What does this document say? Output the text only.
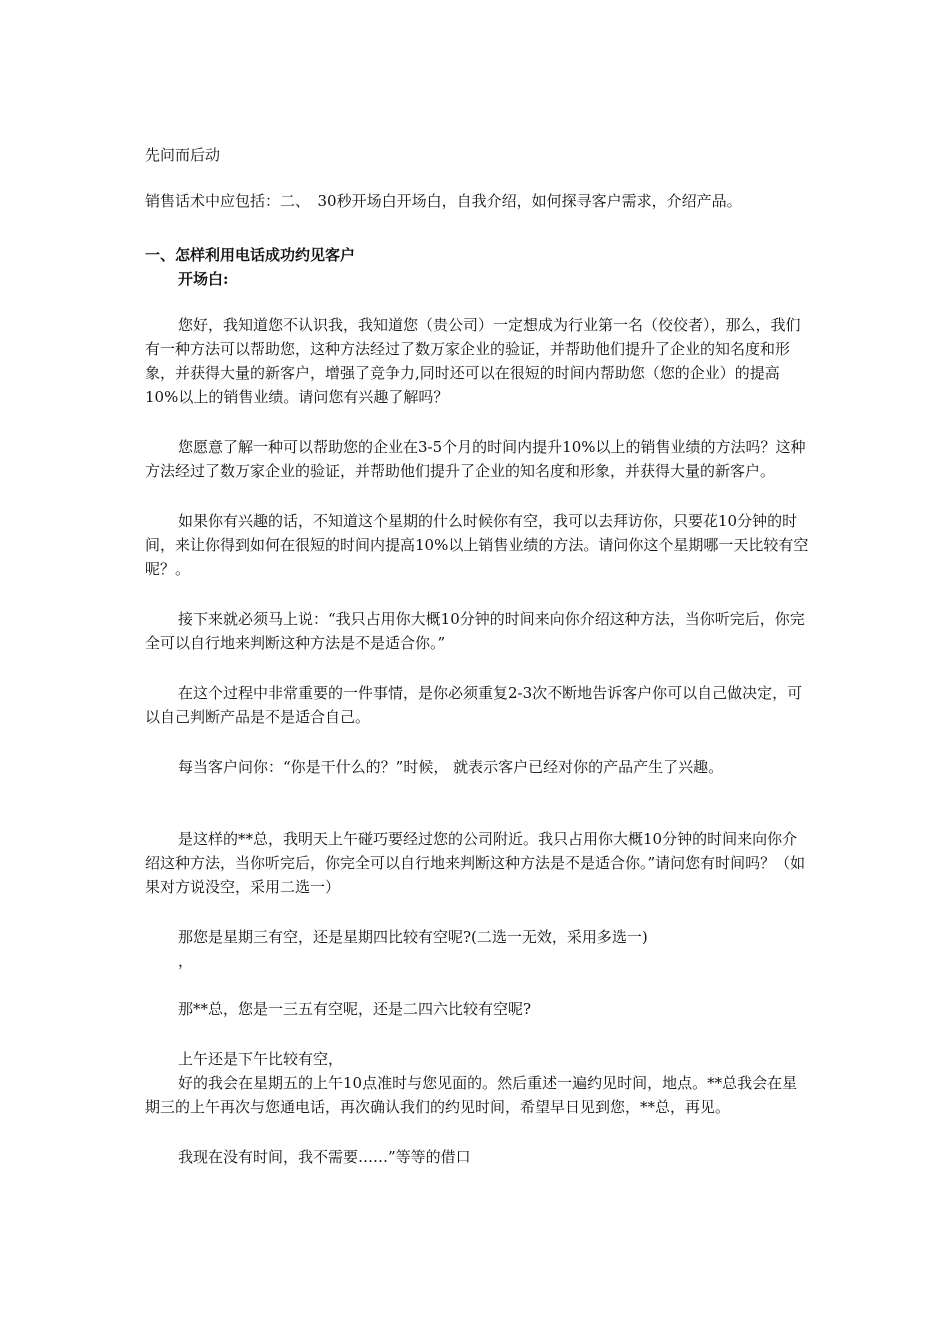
先问而后动

销售话术中应包括：二、　30秒开场白开场白，自我介绍，如何探寻客户需求，介绍产品。

一、怎样利用电话成功约见客户

开场白:

您好，我知道您不认识我，我知道您（贵公司）一定想成为行业第一名（佼佼者），那么，我们有一种方法可以帮助您，这种方法经过了数万家企业的验证，并帮助他们提升了企业的知名度和形象，并获得大量的新客户，增强了竞争力,同时还可以在很短的时间内帮助您（您的企业）的提高10%以上的销售业绩。请问您有兴趣了解吗？

您愿意了解一种可以帮助您的企业在3-5个月的时间内提升10%以上的销售业绩的方法吗？这种方法经过了数万家企业的验证，并帮助他们提升了企业的知名度和形象，并获得大量的新客户。

如果你有兴趣的话，不知道这个星期的什么时候你有空，我可以去拜访你，只要花10分钟的时间，来让你得到如何在很短的时间内提高10%以上销售业绩的方法。请问你这个星期哪一天比较有空呢？。

接下来就必须马上说：“我只占用你大概10分钟的时间来向你介绍这种方法，当你听完后，你完全可以自行地来判断这种方法是不是适合你。”

在这个过程中非常重要的一件事情，是你必须重复2-3次不断地告诉客户你可以自己做决定，可以自己判断产品是不是适合自己。

每当客户问你：“你是干什么的？”时候， 就表示客户已经对你的产品产生了兴趣。

是这样的**总，我明天上午碰巧要经过您的公司附近。我只占用你大概10分钟的时间来向你介绍这种方法，当你听完后，你完全可以自行地来判断这种方法是不是适合你。”请问您有时间吗？（如果对方说没空，采用二选一）

那您是星期三有空，还是星期四比较有空呢?(二选一无效，采用多选一)

，

那**总，您是一三五有空呢，还是二四六比较有空呢?

上午还是下午比较有空，

好的我会在星期五的上午10点准时与您见面的。然后重述一遍约见时间，地点。**总我会在星期三的上午再次与您通电话，再次确认我们的约见时间，希望早日见到您，**总，再见。

我现在没有时间，我不需要……”等等的借口
